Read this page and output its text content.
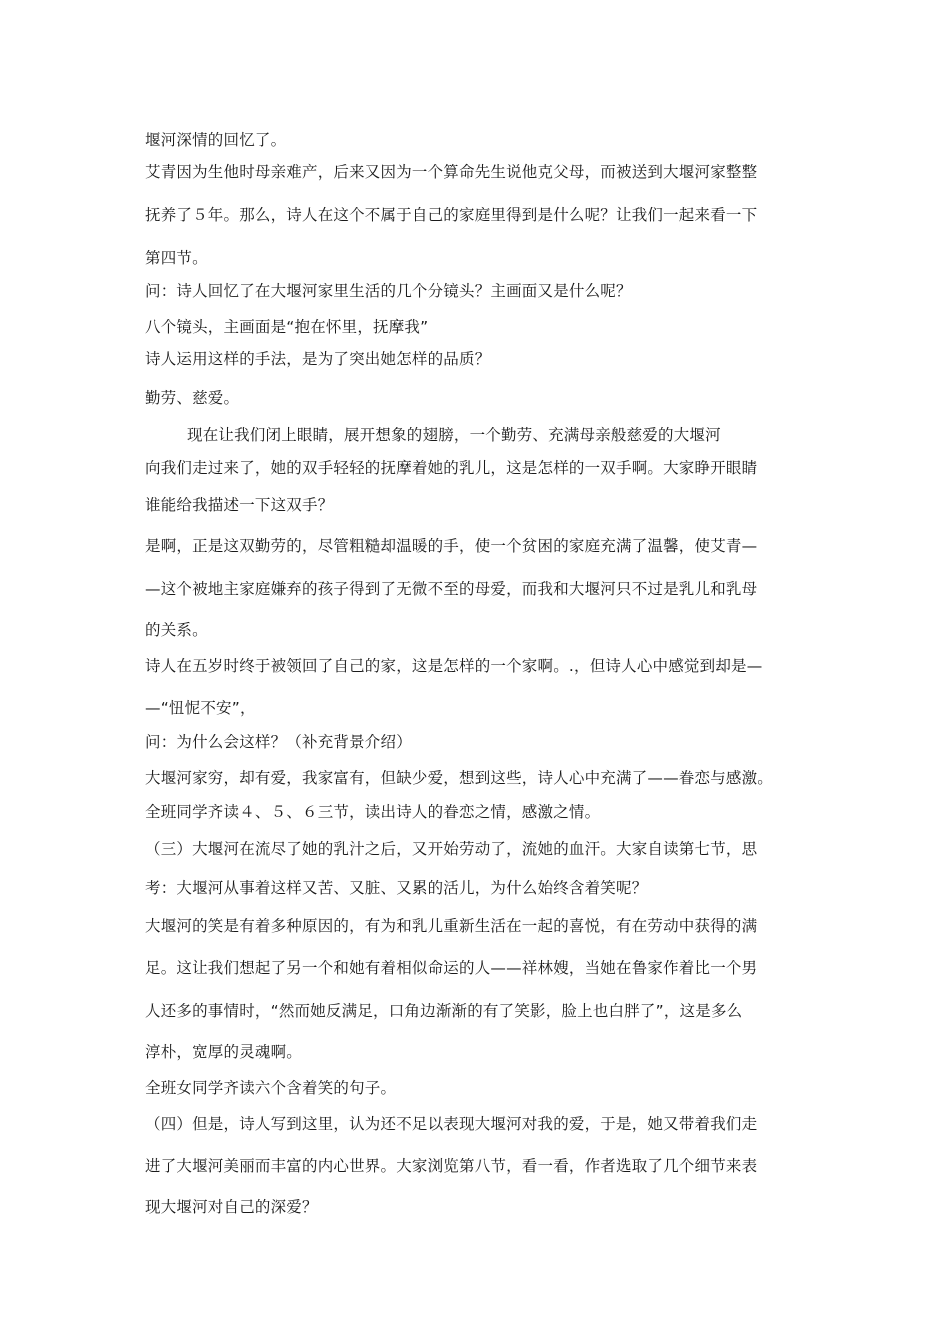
堰河深情的回忆了。
艾青因为生他时母亲难产，后来又因为一个算命先生说他克父母，而被送到大堰河家整整
抚养了５年。那么，诗人在这个不属于自己的家庭里得到是什么呢？让我们一起来看一下
第四节。
问：诗人回忆了在大堰河家里生活的几个分镜头？主画面又是什么呢？
八个镜头，主画面是“抱在怀里，抚摩我”
诗人运用这样的手法，是为了突出她怎样的品质？
勤劳、慈爱。
现在让我们闭上眼睛，展开想象的翅膀，一个勤劳、充满母亲般慈爱的大堰河
向我们走过来了，她的双手轻轻的抚摩着她的乳儿，这是怎样的一双手啊。大家睁开眼睛
谁能给我描述一下这双手？
是啊，正是这双勤劳的，尽管粗糙却温暖的手，使一个贫困的家庭充满了温馨，使艾青—
—这个被地主家庭嫌弃的孩子得到了无微不至的母爱，而我和大堰河只不过是乳儿和乳母
的关系。
诗人在五岁时终于被领回了自己的家，这是怎样的一个家啊。.，但诗人心中感觉到却是—
—“忸怩不安”，
问：为什么会这样？（补充背景介绍）
大堰河家穷，却有爱，我家富有，但缺少爱，想到这些，诗人心中充满了——眷恋与感激。
全班同学齐读４、５、６三节，读出诗人的眷恋之情，感激之情。
（三）大堰河在流尽了她的乳汁之后，又开始劳动了，流她的血汗。大家自读第七节，思
考：大堰河从事着这样又苦、又脏、又累的活儿，为什么始终含着笑呢？
大堰河的笑是有着多种原因的，有为和乳儿重新生活在一起的喜悦，有在劳动中获得的满
足。这让我们想起了另一个和她有着相似命运的人——祥林嫂，当她在鲁家作着比一个男
人还多的事情时，“然而她反满足，口角边渐渐的有了笑影，脸上也白胖了”，这是多么
淳朴，宽厚的灵魂啊。
全班女同学齐读六个含着笑的句子。
（四）但是，诗人写到这里，认为还不足以表现大堰河对我的爱，于是，她又带着我们走
进了大堰河美丽而丰富的内心世界。大家浏览第八节，看一看，作者选取了几个细节来表
现大堰河对自己的深爱？
